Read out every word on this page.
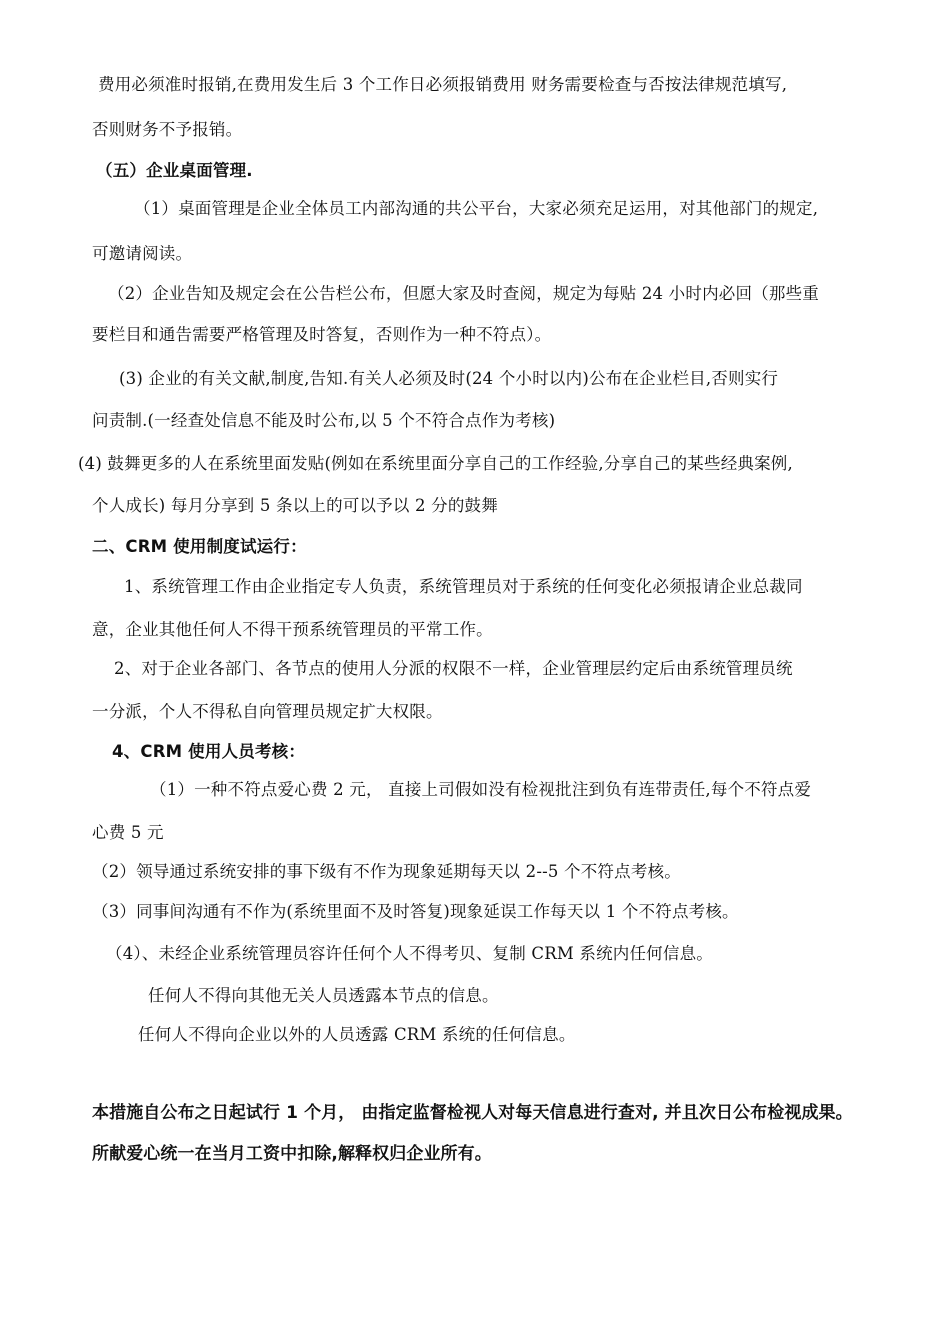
费用必须准时报销,在费用发生后 3 个工作日必须报销费用 财务需要检查与否按法律规范填写,
否则财务不予报销。
（五）企业桌面管理.
（1）桌面管理是企业全体员工内部沟通的共公平台，大家必须充足运用，对其他部门的规定,
可邀请阅读。
（2）企业告知及规定会在公告栏公布，但愿大家及时查阅，规定为每贴 24 小时内必回（那些重
要栏目和通告需要严格管理及时答复，否则作为一种不符点）。
(3) 企业的有关文献,制度,告知.有关人必须及时(24 个小时以内)公布在企业栏目,否则实行
问责制.(一经查处信息不能及时公布,以 5 个不符合点作为考核)
(4) 鼓舞更多的人在系统里面发贴(例如在系统里面分享自己的工作经验,分享自己的某些经典案例,
个人成长) 每月分享到 5 条以上的可以予以 2 分的鼓舞
二、CRM 使用制度试运行：
1、系统管理工作由企业指定专人负责，系统管理员对于系统的任何变化必须报请企业总裁同
意，企业其他任何人不得干预系统管理员的平常工作。
2、对于企业各部门、各节点的使用人分派的权限不一样，企业管理层约定后由系统管理员统
一分派，个人不得私自向管理员规定扩大权限。
4、CRM 使用人员考核：
（1）一种不符点爱心费 2 元， 直接上司假如没有检视批注到负有连带责任,每个不符点爱
心费 5 元
（2）领导通过系统安排的事下级有不作为现象延期每天以 2--5 个不符点考核。
（3）同事间沟通有不作为(系统里面不及时答复)现象延误工作每天以 1 个不符点考核。
（4）、未经企业系统管理员容许任何个人不得考贝、复制 CRM 系统内任何信息。
任何人不得向其他无关人员透露本节点的信息。
任何人不得向企业以外的人员透露 CRM 系统的任何信息。
本措施自公布之日起试行 1 个月， 由指定监督检视人对每天信息进行查对, 并且次日公布检视成果。
所献爱心统一在当月工资中扣除,解释权归企业所有。
